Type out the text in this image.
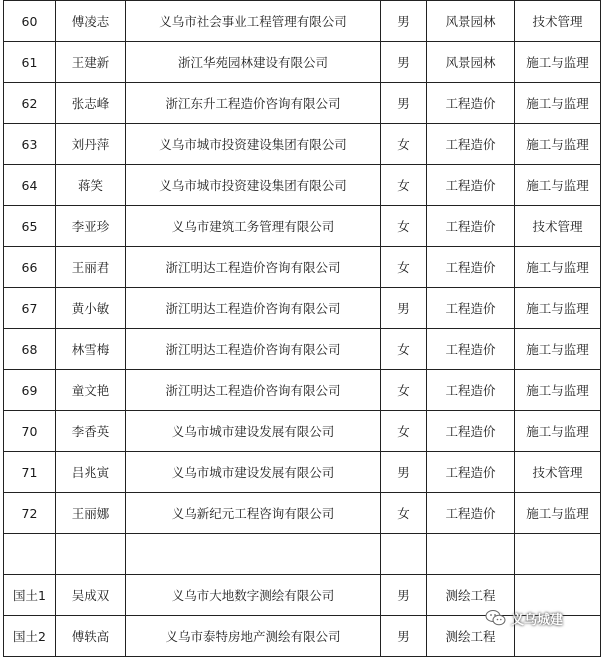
60	傅凌志	义乌市社会事业工程管理有限公司	男	风景园林	技术管理
61	王建新	浙江华苑园林建设有限公司	男	风景园林	施工与监理
62	张志峰	浙江东升工程造价咨询有限公司	男	工程造价	施工与监理
63	刘丹萍	义乌市城市投资建设集团有限公司	女	工程造价	施工与监理
64	蒋笑	义乌市城市投资建设集团有限公司	女	工程造价	施工与监理
65	李亚珍	义乌市建筑工务管理有限公司	女	工程造价	技术管理
66	王丽君	浙江明达工程造价咨询有限公司	女	工程造价	施工与监理
67	黄小敏	浙江明达工程造价咨询有限公司	男	工程造价	施工与监理
68	林雪梅	浙江明达工程造价咨询有限公司	女	工程造价	施工与监理
69	童文艳	浙江明达工程造价咨询有限公司	女	工程造价	施工与监理
70	李香英	义乌市城市建设发展有限公司	女	工程造价	施工与监理
71	吕兆寅	义乌市城市建设发展有限公司	男	工程造价	技术管理
72	王丽娜	义乌新纪元工程咨询有限公司	女	工程造价	施工与监理

国土1	吴成双	义乌市大地数字测绘有限公司	男	测绘工程	
国土2	傅轶高	义乌市泰特房地产测绘有限公司	男	测绘工程	
义乌城建
